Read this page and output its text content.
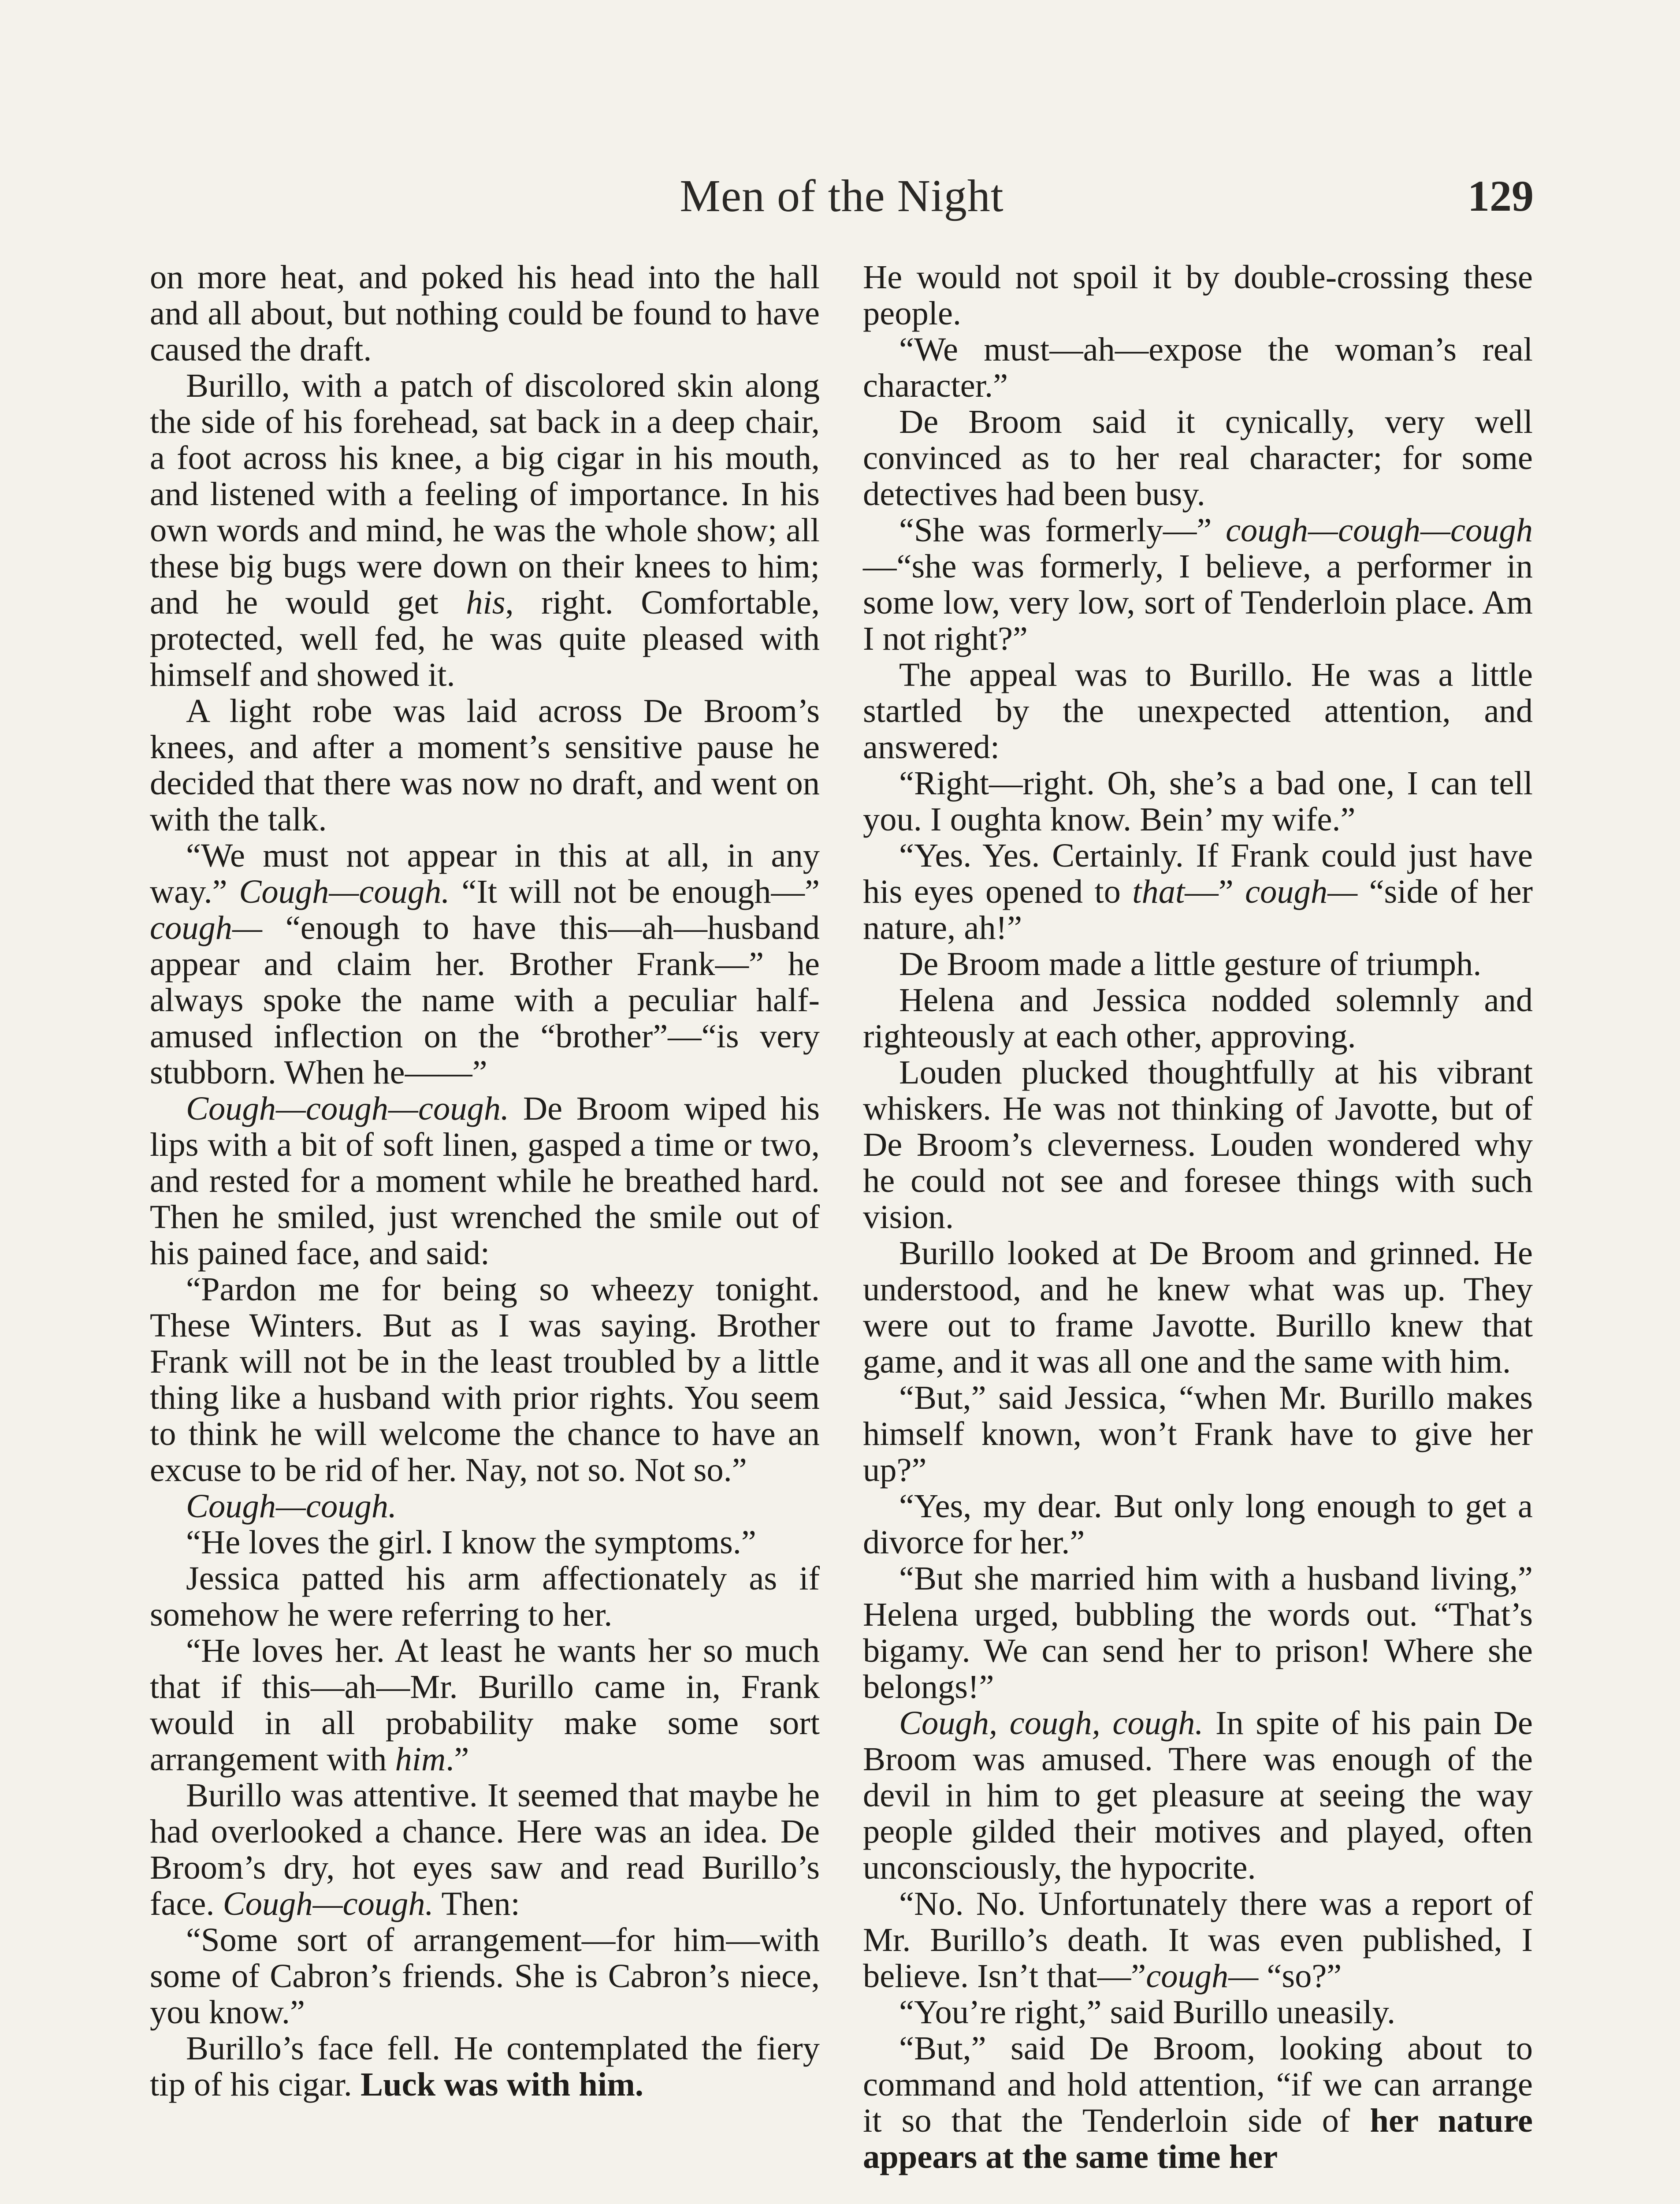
Men of the Night	129

on more heat, and poked his head into the hall and all about, but nothing could be found to have caused the draft.

Burillo, with a patch of discolored skin along the side of his forehead, sat back in a deep chair, a foot across his knee, a big cigar in his mouth, and listened with a feeling of importance. In his own words and mind, he was the whole show; all these big bugs were down on their knees to him; and he would get his, right. Comfortable, protected, well fed, he was quite pleased with himself and showed it.

A light robe was laid across De Broom’s knees, and after a moment’s sensitive pause he decided that there was now no draft, and went on with the talk.

“We must not appear in this at all, in any way.” Cough—cough. “It will not be enough—” cough— “enough to have this—ah—husband appear and claim her. Brother Frank—” he always spoke the name with a peculiar half-amused inflection on the “brother”—“is very stubborn. When he——”

Cough—cough—cough. De Broom wiped his lips with a bit of soft linen, gasped a time or two, and rested for a moment while he breathed hard. Then he smiled, just wrenched the smile out of his pained face, and said:

“Pardon me for being so wheezy tonight. These Winters. But as I was saying. Brother Frank will not be in the least troubled by a little thing like a husband with prior rights. You seem to think he will welcome the chance to have an excuse to be rid of her. Nay, not so. Not so.”

Cough—cough.

“He loves the girl. I know the symptoms.”

Jessica patted his arm affectionately as if somehow he were referring to her.

“He loves her. At least he wants her so much that if this—ah—Mr. Burillo came in, Frank would in all probability make some sort arrangement with him.”

Burillo was attentive. It seemed that maybe he had overlooked a chance. Here was an idea. De Broom’s dry, hot eyes saw and read Burillo’s face. Cough—cough. Then:

“Some sort of arrangement—for him—with some of Cabron’s friends. She is Cabron’s niece, you know.”

Burillo’s face fell. He contemplated the fiery tip of his cigar. Luck was with him.

He would not spoil it by double-crossing these people.

“We must—ah—expose the woman’s real character.”

De Broom said it cynically, very well convinced as to her real character; for some detectives had been busy.

“She was formerly—” cough—cough—cough—“she was formerly, I believe, a performer in some low, very low, sort of Tenderloin place. Am I not right?”

The appeal was to Burillo. He was a little startled by the unexpected attention, and answered:

“Right—right. Oh, she’s a bad one, I can tell you. I oughta know. Bein’ my wife.”

“Yes. Yes. Certainly. If Frank could just have his eyes opened to that—” cough— “side of her nature, ah!”

De Broom made a little gesture of triumph.

Helena and Jessica nodded solemnly and righteously at each other, approving.

Louden plucked thoughtfully at his vibrant whiskers. He was not thinking of Javotte, but of De Broom’s cleverness. Louden wondered why he could not see and foresee things with such vision.

Burillo looked at De Broom and grinned. He understood, and he knew what was up. They were out to frame Javotte. Burillo knew that game, and it was all one and the same with him.

“But,” said Jessica, “when Mr. Burillo makes himself known, won’t Frank have to give her up?”

“Yes, my dear. But only long enough to get a divorce for her.”

“But she married him with a husband living,” Helena urged, bubbling the words out. “That’s bigamy. We can send her to prison! Where she belongs!”

Cough, cough, cough. In spite of his pain De Broom was amused. There was enough of the devil in him to get pleasure at seeing the way people gilded their motives and played, often unconsciously, the hypocrite.

“No. No. Unfortunately there was a report of Mr. Burillo’s death. It was even published, I believe. Isn’t that—”cough— “so?”

“You’re right,” said Burillo uneasily.

“But,” said De Broom, looking about to command and hold attention, “if we can arrange it so that the Tenderloin side of her nature appears at the same time her
